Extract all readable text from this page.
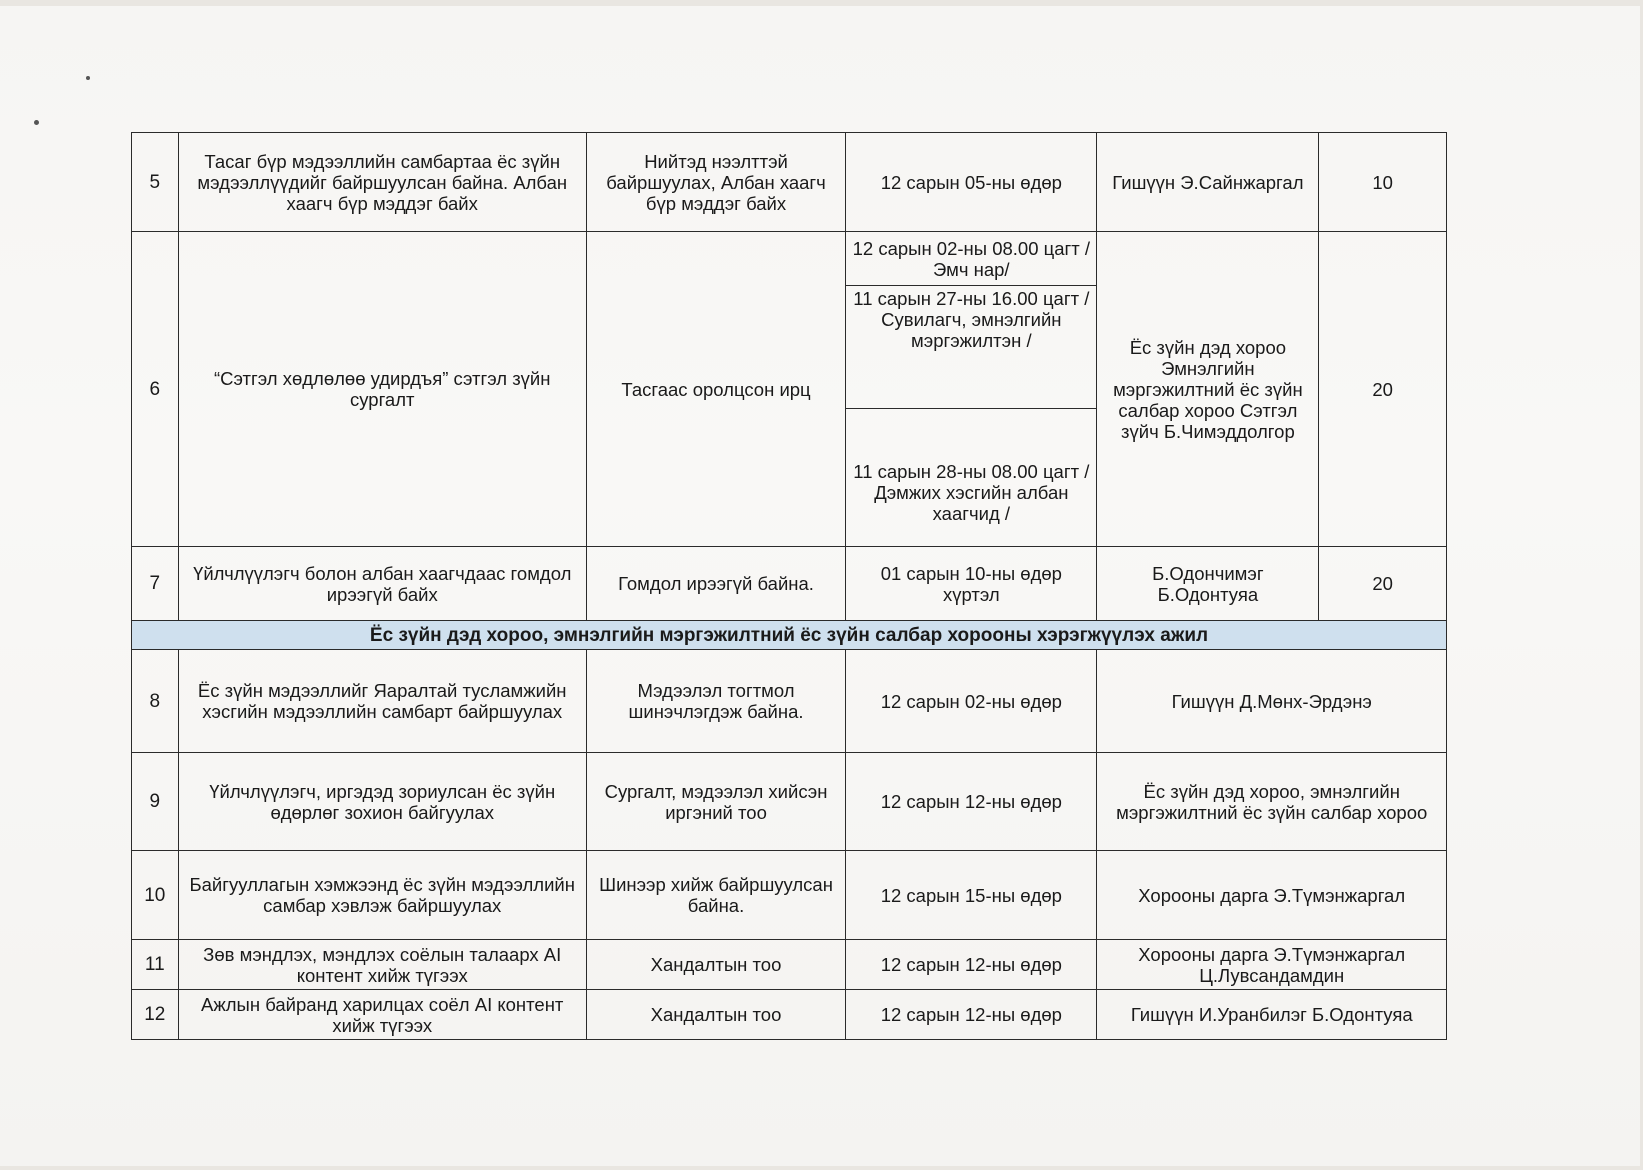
5	Тасаг бүр мэдээллийн самбартаа ёс зүйн мэдээллүүдийг байршуулсан байна. Албан хаагч бүр мэддэг байх	Нийтэд нээлттэй байршуулах, Албан хаагч бүр мэддэг байх	12 сарын 05-ны өдөр	Гишүүн Э.Сайнжаргал	10
6	“Сэтгэл хөдлөлөө удирдъя” сэтгэл зүйн сургалт	Тасгаас оролцсон ирц	12 сарын 02-ны 08.00 цагт /Эмч нар/	Ёс зүйн дэд хороо Эмнэлгийн мэргэжилтний ёс зүйн салбар хороо Сэтгэл зүйч Б.Чимэддолгор	20
			11 сарын 27-ны 16.00 цагт /Сувилагч, эмнэлгийн мэргэжилтэн /		
			11 сарын 28-ны 08.00 цагт / Дэмжих хэсгийн албан хаагчид /		
7	Үйлчлүүлэгч болон албан хаагчдаас гомдол ирээгүй байх	Гомдол ирээгүй байна.	01 сарын 10-ны өдөр хүртэл	Б.Одончимэг Б.Одонтуяа	20
Ёс зүйн дэд хороо, эмнэлгийн мэргэжилтний ёс зүйн салбар хорооны хэрэгжүүлэх ажил					
8	Ёс зүйн мэдээллийг Яаралтай тусламжийн хэсгийн мэдээллийн самбарт байршуулах	Мэдээлэл тогтмол шинэчлэгдэж байна.	12 сарын 02-ны өдөр	Гишүүн Д.Мөнх-Эрдэнэ	
9	Үйлчлүүлэгч, иргэдэд зориулсан ёс зүйн өдөрлөг зохион байгуулах	Сургалт, мэдээлэл хийсэн иргэний тоо	12 сарын 12-ны өдөр	Ёс зүйн дэд хороо, эмнэлгийн мэргэжилтний ёс зүйн салбар хороо	
10	Байгууллагын хэмжээнд ёс зүйн мэдээллийн самбар хэвлэж байршуулах	Шинээр хийж байршуулсан байна.	12 сарын 15-ны өдөр	Хорооны дарга Э.Түмэнжаргал	
11	Зөв мэндлэх, мэндлэх соёлын талаарх AI контент хийж түгээх	Хандалтын тоо	12 сарын 12-ны өдөр	Хорооны дарга Э.Түмэнжаргал Ц.Лувсандамдин	
12	Ажлын байранд харилцах соёл AI контент хийж түгээх	Хандалтын тоо	12 сарын 12-ны өдөр	Гишүүн И.Уранбилэг Б.Одонтуяа	
